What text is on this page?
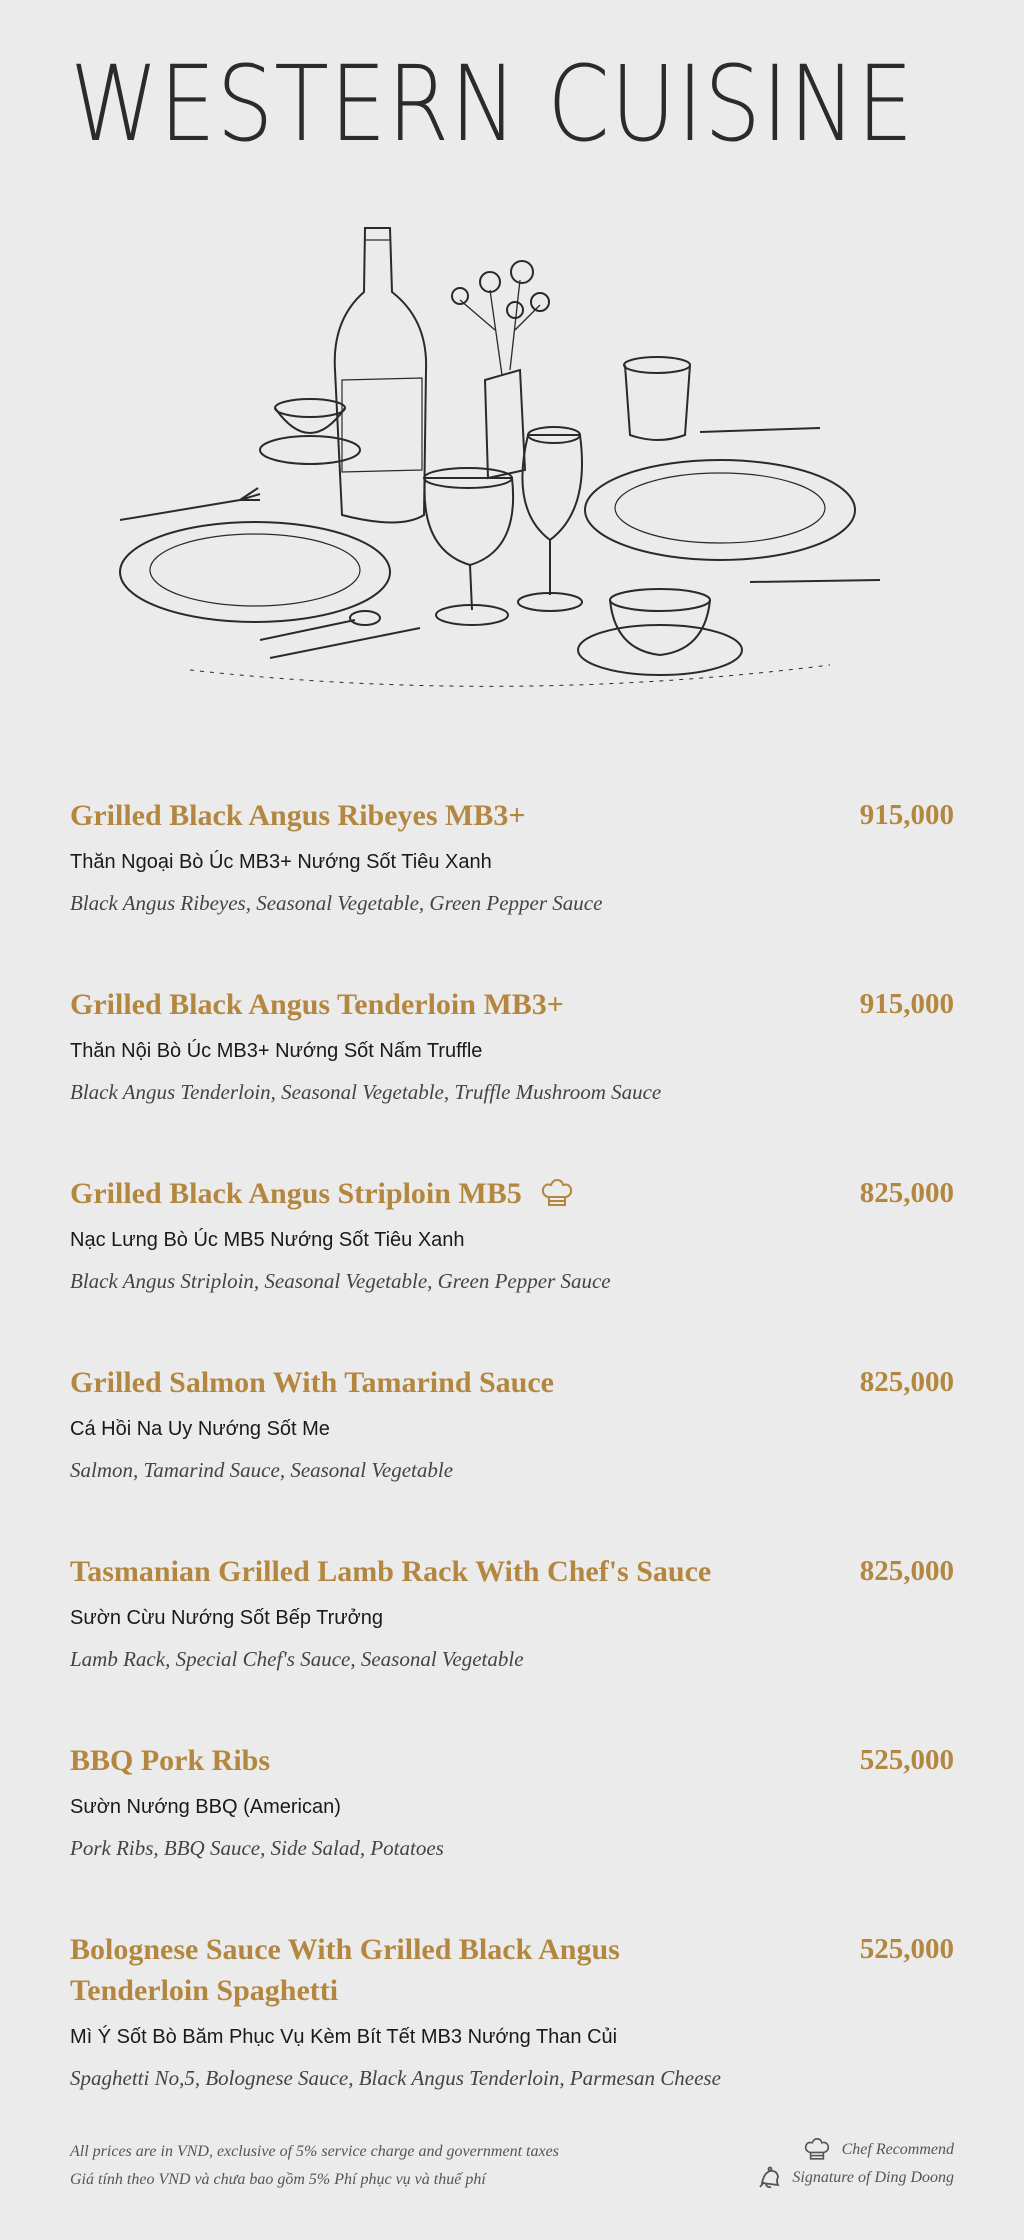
WESTERN CUISINE
Grilled Black Angus Ribeyes MB3+	915,000
Thăn Ngoại Bò Úc MB3+ Nướng Sốt Tiêu Xanh
Black Angus Ribeyes, Seasonal Vegetable, Green Pepper Sauce
Grilled Black Angus Tenderloin MB3+	915,000
Thăn Nội Bò Úc MB3+ Nướng Sốt Nấm Truffle
Black Angus Tenderloin, Seasonal Vegetable, Truffle Mushroom Sauce
Grilled Black Angus Striploin MB5	825,000
Nạc Lưng Bò Úc MB5 Nướng Sốt Tiêu Xanh
Black Angus Striploin, Seasonal Vegetable, Green Pepper Sauce
Grilled Salmon With Tamarind Sauce	825,000
Cá Hồi Na Uy Nướng Sốt Me
Salmon, Tamarind Sauce, Seasonal Vegetable
Tasmanian Grilled Lamb Rack With Chef's Sauce	825,000
Sườn Cừu Nướng Sốt Bếp Trưởng
Lamb Rack, Special Chef's Sauce, Seasonal Vegetable
BBQ Pork Ribs	525,000
Sườn Nướng BBQ (American)
Pork Ribs, BBQ Sauce, Side Salad, Potatoes
Bolognese Sauce With Grilled Black Angus Tenderloin Spaghetti
525,000
Mì Ý Sốt Bò Băm Phục Vụ Kèm Bít Tết MB3 Nướng Than Củi
Spaghetti No,5, Bolognese Sauce, Black Angus Tenderloin, Parmesan Cheese
All prices are in VND, exclusive of 5% service charge and government taxes
Giá tính theo VND và chưa bao gồm 5% Phí phục vụ và thuế phí
Chef Recommend
Signature of Ding Doong
